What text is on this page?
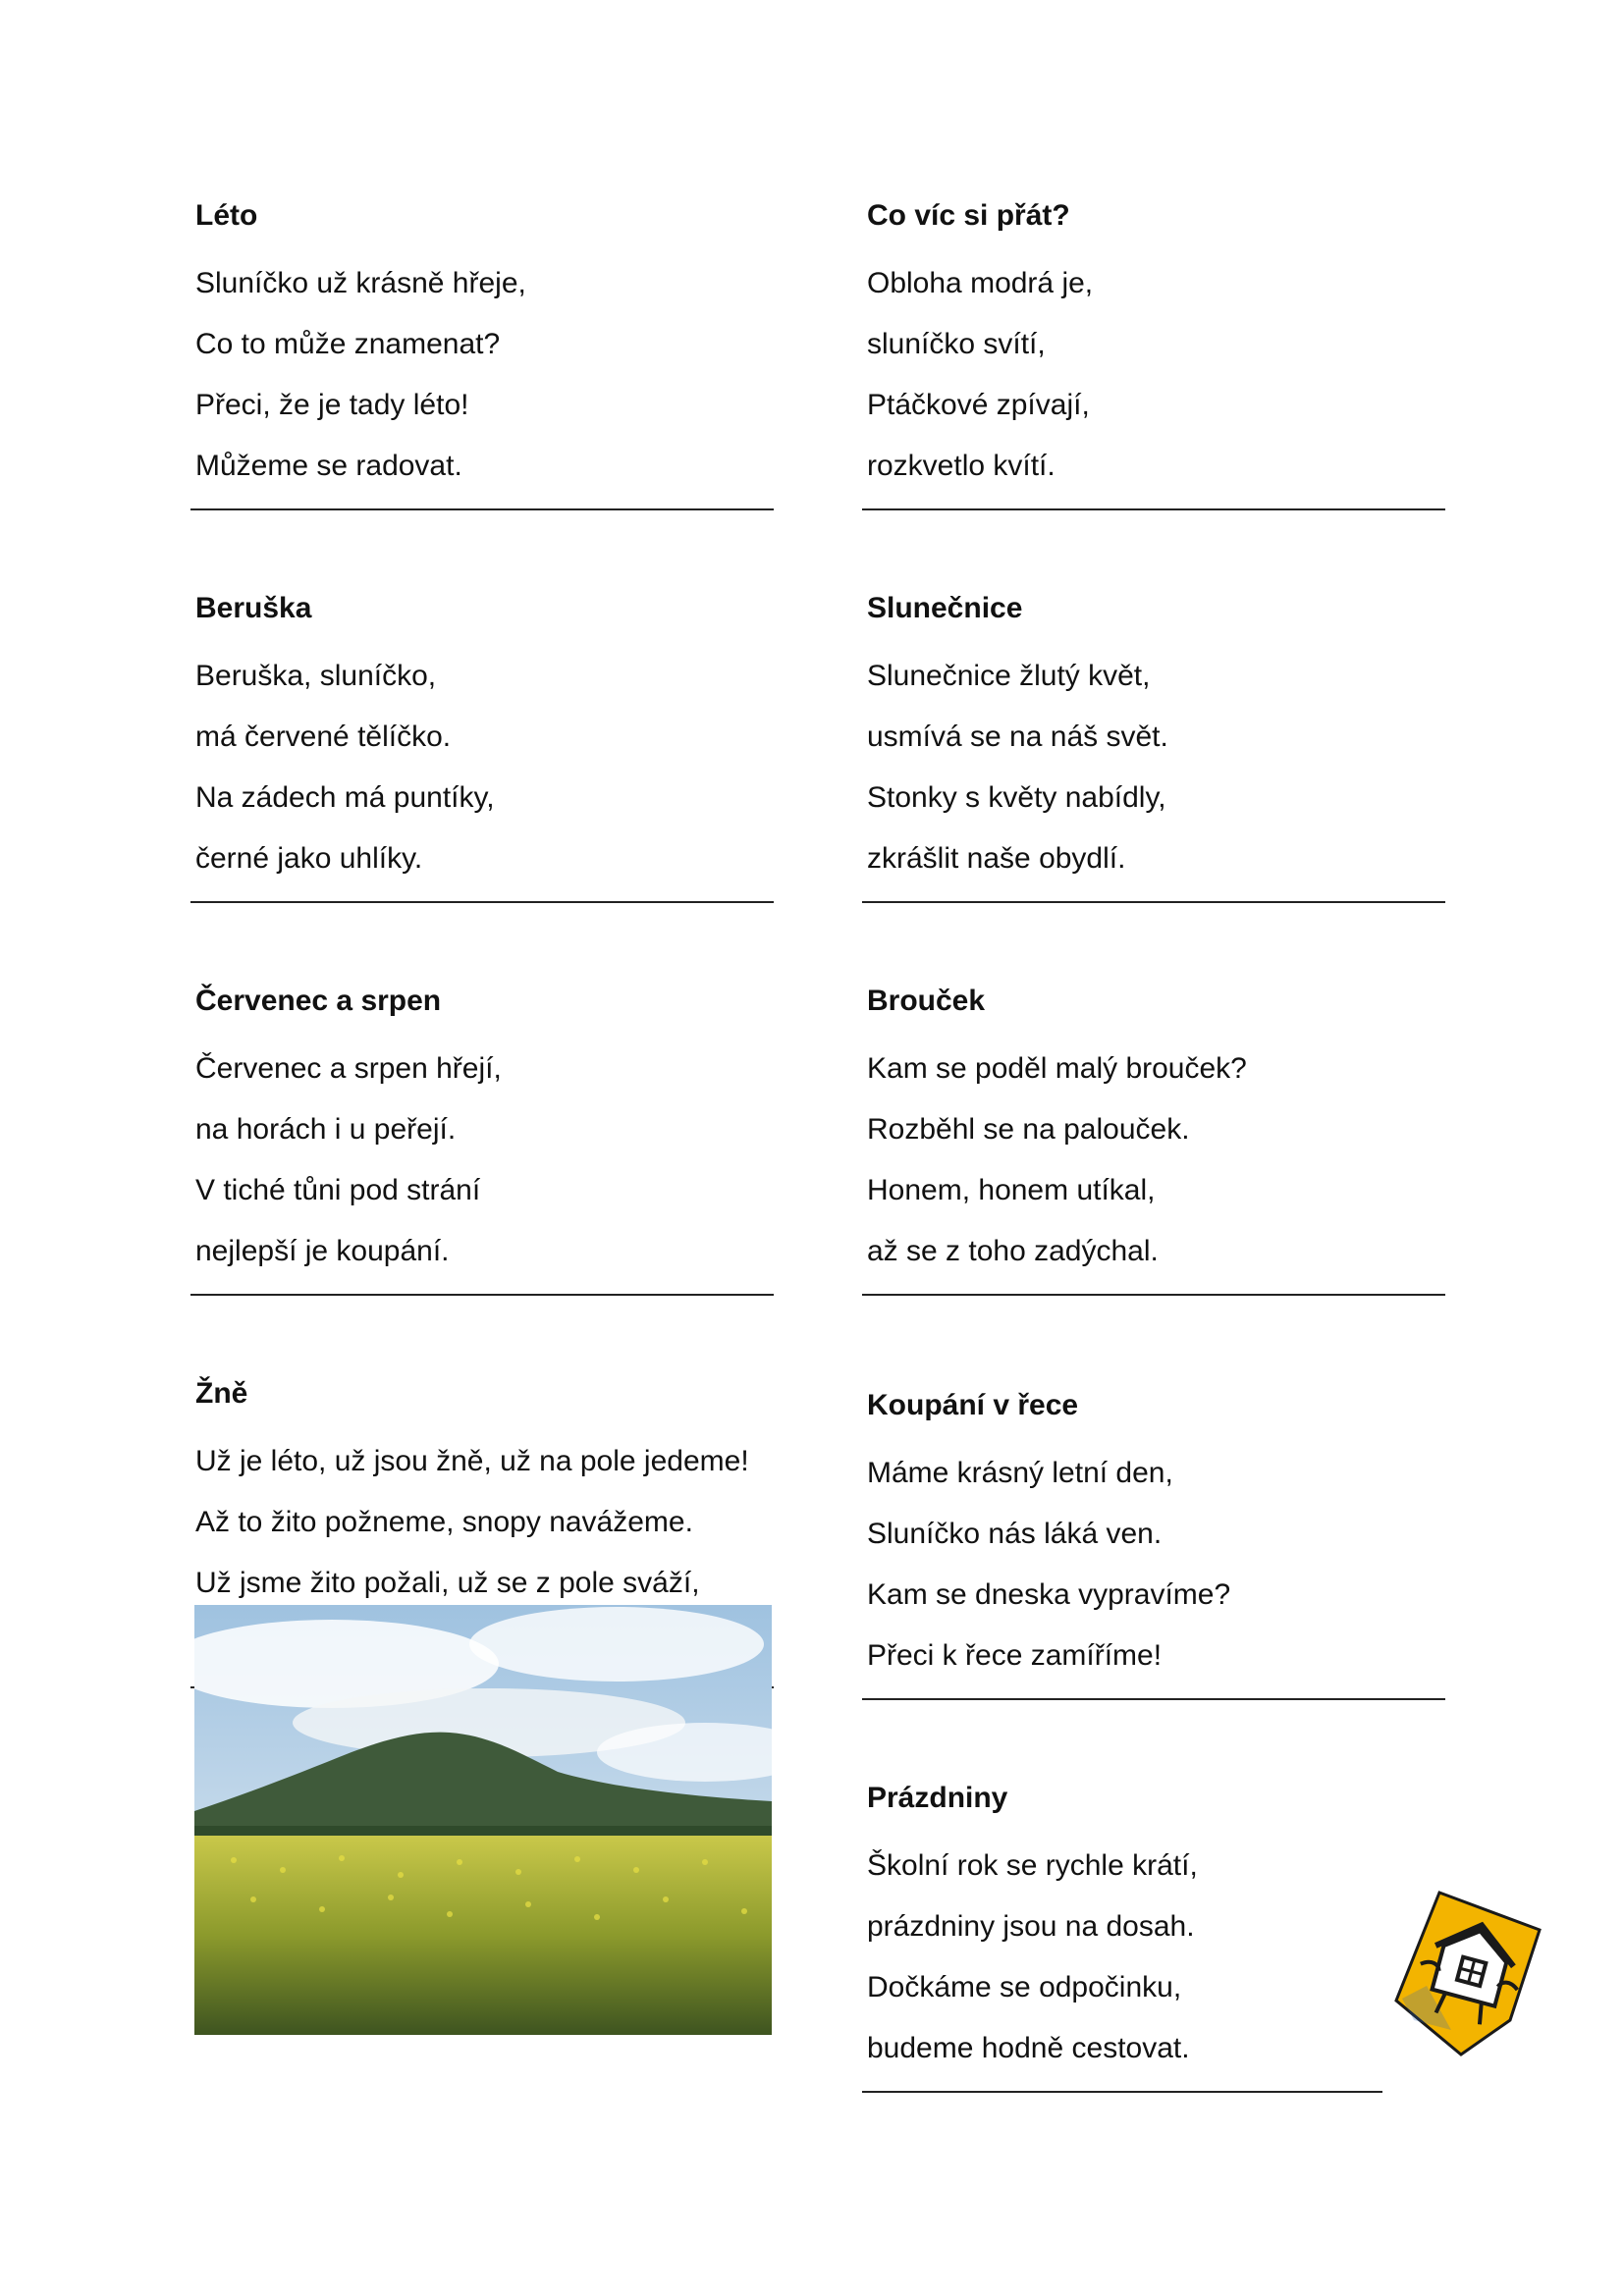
Léto
Sluníčko už krásně hřeje,
Co to může znamenat?
Přeci, že je tady léto!
Můžeme se radovat.
Beruška
Beruška, sluníčko,
má červené tělíčko.
Na zádech má puntíky,
černé jako uhlíky.
Červenec a srpen
Červenec a srpen hřejí,
na horách i u peřejí.
V tiché tůni pod strání
nejlepší je koupání.
Žně
Už je léto, už jsou žně, už na pole jedeme!
Až to žito požneme, snopy navážeme.
Už jsme žito požali, už se z pole sváží,
Co víc si přát?
Obloha modrá je,
sluníčko svítí,
Ptáčkové zpívají,
rozkvetlo kvítí.
Slunečnice
Slunečnice žlutý květ,
usmívá se na náš svět.
Stonky s květy nabídly,
zkrášlit naše obydlí.
Brouček
Kam se poděl malý brouček?
Rozběhl se na palouček.
Honem, honem utíkal,
až se z toho zadýchal.
Koupání v řece
Máme krásný letní den,
Sluníčko nás láká ven.
Kam se dneska vypravíme?
Přeci k řece zamíříme!
Prázdniny
Školní rok se rychle krátí,
prázdniny jsou na dosah.
Dočkáme se odpočinku,
budeme hodně cestovat.
